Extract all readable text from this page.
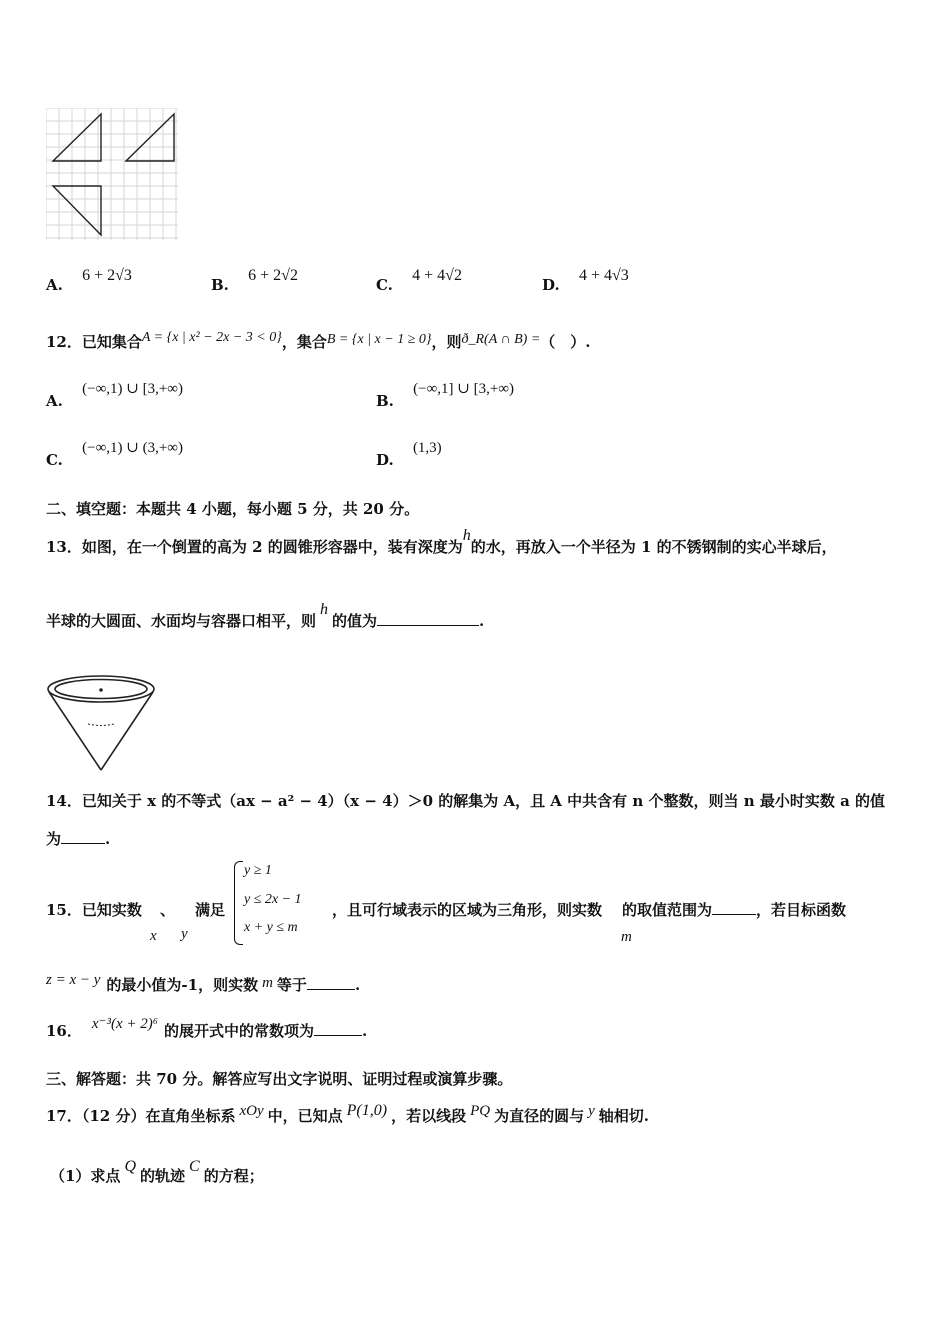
A. 6 + 2√3
B. 6 + 2√2
C. 4 + 4√2
D. 4 + 4√3
12．已知集合A = {x | x² − 2x − 3 < 0}，集合B = {x | x − 1 ≥ 0}，则ð_R(A ∩ B) =（　）.
A. (−∞,1) ∪ [3,+∞)
B. (−∞,1] ∪ [3,+∞)
C. (−∞,1) ∪ (3,+∞)
D. (1,3)
二、填空题：本题共 4 小题，每小题 5 分，共 20 分。
13．如图，在一个倒置的高为 2 的圆锥形容器中，装有深度为h的水，再放入一个半径为 1 的不锈钢制的实心半球后，
半球的大圆面、水面均与容器口相平，则h的值为	.
14．已知关于 x 的不等式（ax − a² − 4）（x − 4）＞0 的解集为 A，且 A 中共含有 n 个整数，则当 n 最小时实数 a 的值
为	.
15．已知实数 、 满足
x y
y ≥ 1
y ≤ 2x − 1
x + y ≤ m
，且可行域表示的区域为三角形，则实数 的取值范围为	，若目标函数
m
z = x − y 的最小值为-1，则实数 m 等于	.
16． x⁻³(x + 2)⁶ 的展开式中的常数项为	.
三、解答题：共 70 分。解答应写出文字说明、证明过程或演算步骤。
17．（12 分）在直角坐标系 xOy 中，已知点 P(1,0) ，若以线段 PQ 为直径的圆与 y 轴相切.
（1）求点Q的轨迹C的方程；
